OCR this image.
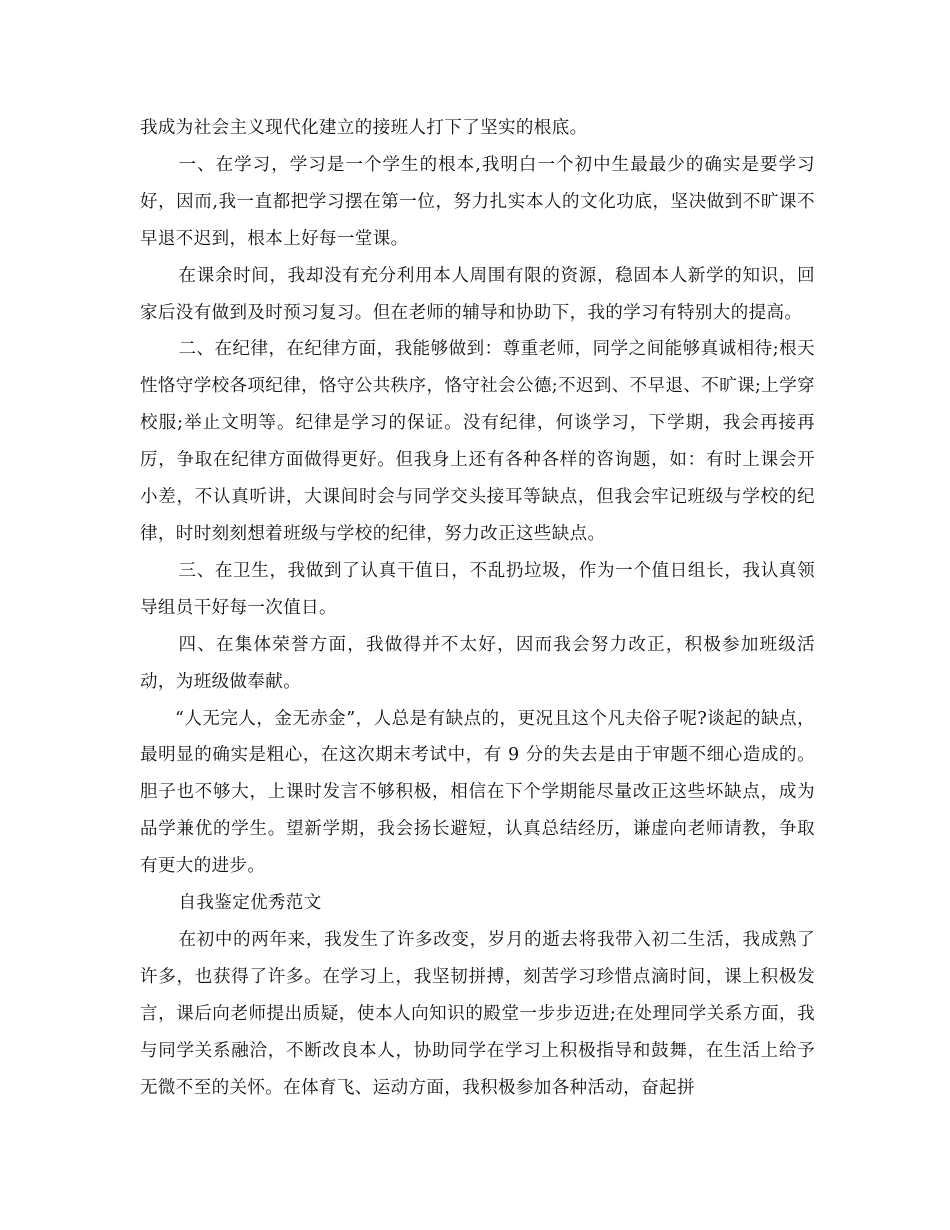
我成为社会主义现代化建立的接班人打下了坚实的根底。

一、在学习，学习是一个学生的根本,我明白一个初中生最最少的确实是要学习好，因而,我一直都把学习摆在第一位，努力扎实本人的文化功底，坚决做到不旷课不早退不迟到，根本上好每一堂课。

在课余时间，我却没有充分利用本人周围有限的资源，稳固本人新学的知识，回家后没有做到及时预习复习。但在老师的辅导和协助下，我的学习有特别大的提高。

二、在纪律，在纪律方面，我能够做到：尊重老师，同学之间能够真诚相待;根天性恪守学校各项纪律，恪守公共秩序，恪守社会公德;不迟到、不早退、不旷课;上学穿校服;举止文明等。纪律是学习的保证。没有纪律，何谈学习，下学期，我会再接再厉，争取在纪律方面做得更好。但我身上还有各种各样的咨询题，如：有时上课会开小差，不认真听讲，大课间时会与同学交头接耳等缺点，但我会牢记班级与学校的纪律，时时刻刻想着班级与学校的纪律，努力改正这些缺点。

三、在卫生，我做到了认真干值日，不乱扔垃圾，作为一个值日组长，我认真领导组员干好每一次值日。

四、在集体荣誉方面，我做得并不太好，因而我会努力改正，积极参加班级活动，为班级做奉献。

“人无完人，金无赤金”，人总是有缺点的，更况且这个凡夫俗子呢?谈起的缺点，最明显的确实是粗心，在这次期末考试中，有 9 分的失去是由于审题不细心造成的。胆子也不够大，上课时发言不够积极，相信在下个学期能尽量改正这些坏缺点，成为品学兼优的学生。望新学期，我会扬长避短，认真总结经历，谦虚向老师请教，争取有更大的进步。

自我鉴定优秀范文

在初中的两年来，我发生了许多改变，岁月的逝去将我带入初二生活，我成熟了许多，也获得了许多。在学习上，我坚韧拼搏，刻苦学习珍惜点滴时间，课上积极发言，课后向老师提出质疑，使本人向知识的殿堂一步步迈进;在处理同学关系方面，我与同学关系融洽，不断改良本人，协助同学在学习上积极指导和鼓舞，在生活上给予无微不至的关怀。在体育飞、运动方面，我积极参加各种活动，奋起拼
